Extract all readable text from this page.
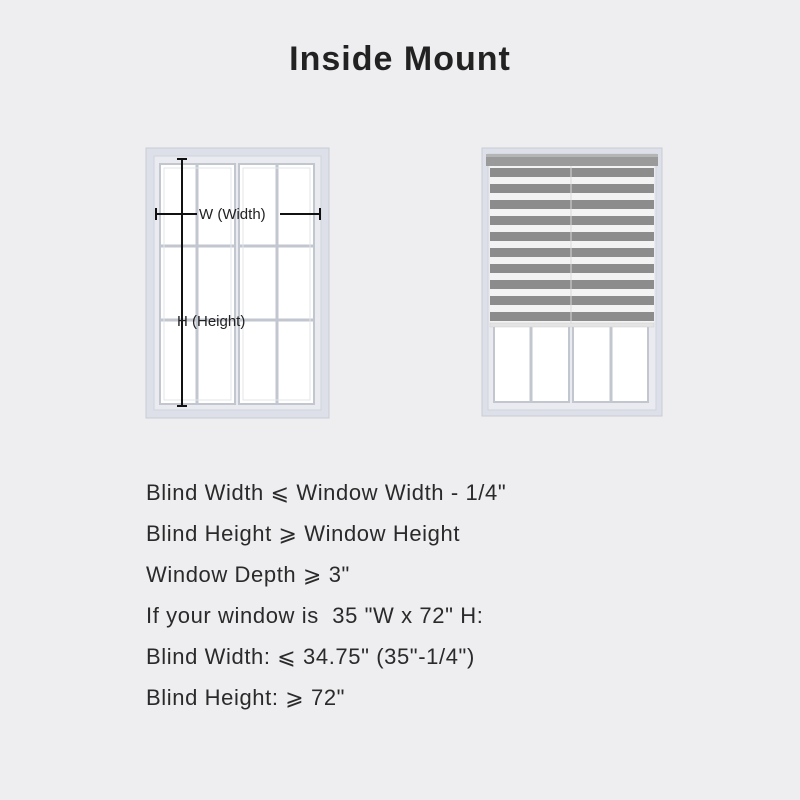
Inside Mount
W (Width)
H (Height)
Blind Width ⩽ Window Width - 1/4"
Blind Height ⩾ Window Height
Window Depth ⩾ 3"
If your window is  35 "W x 72" H:
Blind Width: ⩽ 34.75" (35"-1/4")
Blind Height: ⩾ 72"
